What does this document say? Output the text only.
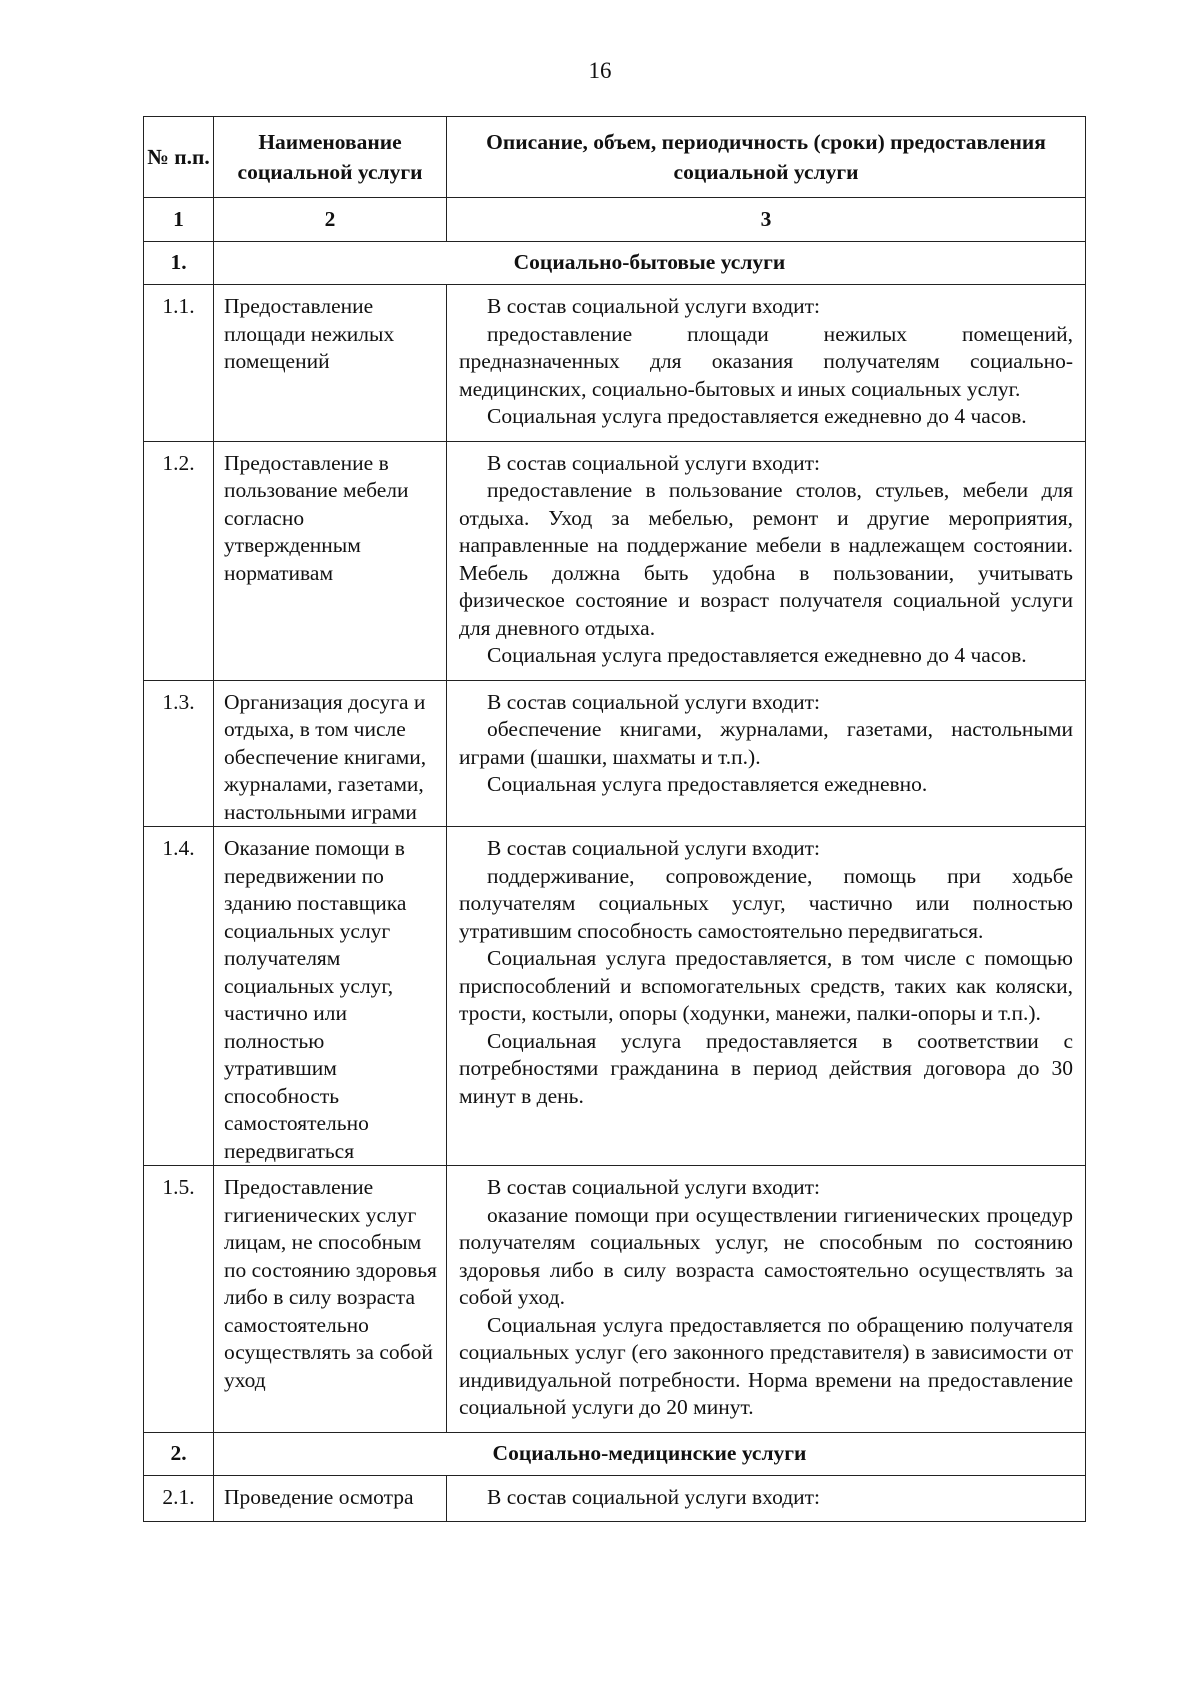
16
№ п.п.	Наименование социальной услуги	Описание, объем, периодичность (сроки) предоставления социальной услуги
1	2	3
1.	Социально-бытовые услуги	
1.1.	Предоставление площади нежилых помещений	В состав социальной услуги входит:

предоставление площади нежилых помещений, предназначенных для оказания получателям социально-медицинских, социально-бытовых и иных социальных услуг.

Социальная услуга предоставляется ежедневно до 4 часов.

1.2.	Предоставление в пользование мебели согласно утвержденным нормативам	В состав социальной услуги входит:

предоставление в пользование столов, стульев, мебели для отдыха. Уход за мебелью, ремонт и другие мероприятия, направленные на поддержание мебели в надлежащем состоянии. Мебель должна быть удобна в пользовании, учитывать физическое состояние и возраст получателя социальной услуги для дневного отдыха.

Социальная услуга предоставляется ежедневно до 4 часов.

1.3.	Организация досуга и отдыха, в том числе обеспечение книгами, журналами, газетами, настольными играми	В состав социальной услуги входит:

обеспечение книгами, журналами, газетами, настольными играми (шашки, шахматы и т.п.).

Социальная услуга предоставляется ежедневно.

1.4.	Оказание помощи в передвижении по зданию поставщика социальных услуг получателям социальных услуг, частично или полностью утратившим способность самостоятельно передвигаться	В состав социальной услуги входит:

поддерживание, сопровождение, помощь при ходьбе получателям социальных услуг, частично или полностью утратившим способность самостоятельно передвигаться.

Социальная услуга предоставляется, в том числе с помощью приспособлений и вспомогательных средств, таких как коляски, трости, костыли, опоры (ходунки, манежи, палки-опоры и т.п.).

Социальная услуга предоставляется в соответствии с потребностями гражданина в период действия договора до 30 минут в день.

1.5.	Предоставление гигиенических услуг лицам, не способным по состоянию здоровья либо в силу возраста самостоятельно осуществлять за собой уход	В состав социальной услуги входит:

оказание помощи при осуществлении гигиенических процедур получателям социальных услуг, не способным по состоянию здоровья либо в силу возраста самостоятельно осуществлять за собой уход.

Социальная услуга предоставляется по обращению получателя социальных услуг (его законного представителя) в зависимости от индивидуальной потребности. Норма времени на предоставление социальной услуги до 20 минут.

2.	Социально-медицинские услуги	
2.1.	Проведение осмотра	В состав социальной услуги входит:
